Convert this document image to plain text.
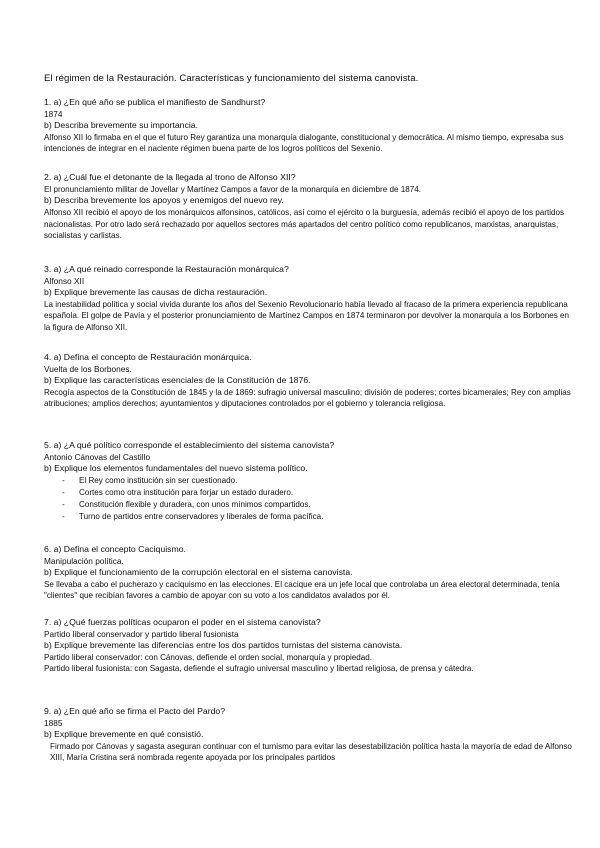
El régimen de la Restauración. Características y funcionamiento del sistema canovista.

1. a) ¿En qué año se publica el manifiesto de Sandhurst?

1874

b) Describa brevemente su importancia.

Alfonso XII lo firmaba en el que el futuro Rey garantiza una monarquía dialogante, constitucional y democrática. Al mismo tiempo, expresaba sus intenciones de integrar en el naciente régimen buena parte de los logros políticos del Sexenio.

2. a) ¿Cuál fue el detonante de la llegada al trono de Alfonso XII?

El pronunciamiento militar de Jovellar y Martínez Campos a favor de la monarquía en diciembre de 1874.

b) Describa brevemente los apoyos y enemigos del nuevo rey.

Alfonso XII recibió el apoyo de los monárquicos alfonsinos, católicos, así como el ejército o la burguesía, además recibió el apoyo de los partidos nacionalistas. Por otro lado será rechazado por aquellos sectores más apartados del centro político como republicanos, marxistas, anarquistas, socialistas y carlistas.

3. a) ¿A qué reinado corresponde la Restauración monárquica?

Alfonso XII

b) Explique brevemente las causas de dicha restauración.

La inestabilidad política y social vivida durante los años del Sexenio Revolucionario había llevado al fracaso de la primera experiencia republicana española. El golpe de Pavía y el posterior pronunciamiento de Martínez Campos en 1874 terminaron por devolver la monarquía a los Borbones en la figura de Alfonso XII.

4. a) Defina el concepto de Restauración monárquica.

Vuelta de los Borbones.

b) Explique las características esenciales de la Constitución de 1876.

Recogía aspectos de la Constitución de 1845 y la de 1869: sufragio universal masculino; división de poderes; cortes bicamerales; Rey con amplias atribuciones; amplios derechos; ayuntamientos y diputaciones controlados por el gobierno y tolerancia religiosa.

5. a) ¿A qué político corresponde el establecimiento del sistema canovista?

Antonio Cánovas del Castillo

b) Explique los elementos fundamentales del nuevo sistema político.

- El Rey como institución sin ser cuestionado.
- Cortes como otra institución para forjar un estado duradero.
- Constitución flexible y duradera, con unos mínimos compartidos.
- Turno de partidos entre conservadores y liberales de forma pacífica.

6. a) Defina el concepto Caciquismo.

Manipulación política.

b) Explique el funcionamiento de la corrupción electoral en el sistema canovista.

Se llevaba a cabo el pucherazo y caciquismo en las elecciones. El cacique era un jefe local que controlaba un área electoral determinada, tenía "clientes" que recibían favores a cambio de apoyar con su voto a los candidatos avalados por él.

7. a) ¿Qué fuerzas políticas ocuparon el poder en el sistema canovista?

Partido liberal conservador y partido liberal fusionista

b) Explique brevemente las diferencias entre los dos partidos turnistas del sistema canovista.

Partido liberal conservador: con Cánovas, defiende el orden social, monarquía y propiedad.

Partido liberal fusionista: con Sagasta, defiende el sufragio universal masculino y libertad religiosa, de prensa y cátedra.

9. a) ¿En qué año se firma el Pacto del Pardo?

1885

b) Explique brevemente en qué consistió.

Firmado por Cánovas y sagasta aseguran continuar con el turnismo para evitar las desestabilización política hasta la mayoría de edad de Alfonso XIII, María Cristina será nombrada regente apoyada por los principales partidos
